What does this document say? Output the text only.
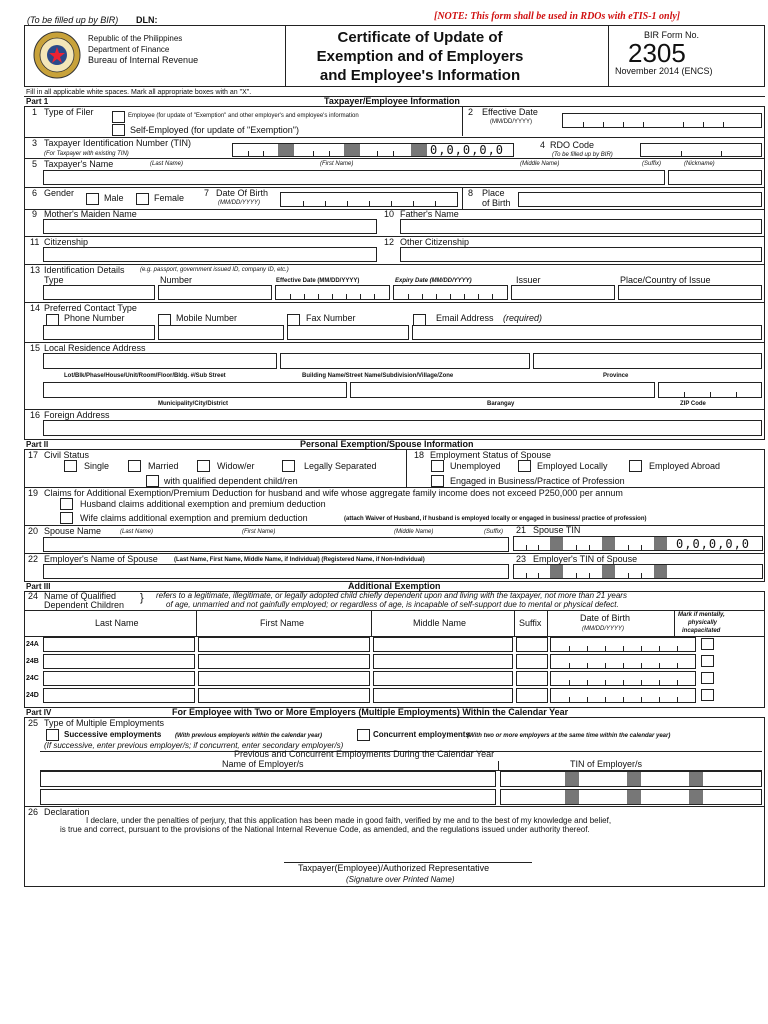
(To be filled up by BIR) DLN:	[NOTE: This form shall be used in RDOs with eTIS-1 only]
Republic of the Philippines
Department of Finance
Bureau of Internal Revenue
Certificate of Update of
Exemption and of Employers
and Employee's Information
BIR Form No.
2305
November 2014 (ENCS)
Fill in all applicable white spaces. Mark all appropriate boxes with an "X".
Part 1	Taxpayer/Employee Information
1 Type of Filer	Employee (for update of "Exemption" and other employer's and employee's information
Self-Employed (for update of "Exemption")
2 Effective Date
(MM/DD/YYYY)
3 Taxpayer Identification Number (TIN)
(For Taxpayer with existing TIN)	0,0,0,0,0	4 RDO Code
(To be filled up by BIR)
5 Taxpayer's Name	(Last Name)	(First Name)	(Middle Name)	(Suffix)	(Nickname)
6 Gender	Male	Female 7 Date Of Birth
(MM/DD/YYYY)
8 Place
of Birth
9 Mother's Maiden Name	10 Father's Name
11 Citizenship	12 Other Citizenship
13 Identification Details	(e.g. passport, government issued ID, company ID, etc.)
Type	Number	Effective Date (MM/DD/YYYY)	Expiry Date (MM/DD/YYYY)	Issuer	Place/Country of Issue
14 Preferred Contact Type
Phone Number	Mobile Number	Fax Number	Email Address (required)
15 Local Residence Address
Lot/Blk/Phase/House/Unit/Room/Floor/Bldg. #/Sub Street	Building Name/Street Name/Subdivision/Village/Zone	Province
Municipality/City/District	Barangay	ZIP Code
16 Foreign Address
Part II	Personal Exemption/Spouse Information
17 Civil Status
Single	Married	Widow/er	Legally Separated
with qualified dependent child/ren
18 Employment Status of Spouse
Unemployed	Employed Locally	Employed Abroad
Engaged in Business/Practice of Profession
19 Claims for Additional Exemption/Premium Deduction for husband and wife whose aggregate family income does not exceed P250,000 per annum
Husband claims additional exemption and premium deduction
Wife claims additional exemption and premium deduction	(attach Waiver of Husband, if husband is employed locally or engaged in business/ practice of profession)
20 Spouse Name	(Last Name)	(First Name)	(Middle Name)	(Suffix) 21 Spouse TIN
0,0,0,0,0
22 Employer's Name of Spouse	(Last Name, First Name, Middle Name, if Individual) (Registered Name, if Non-Individual)	23 Employer's TIN of Spouse
Part III	Additional Exemption
24 Name of Qualified
Dependent Children
} refers to a legitimate, illegitimate, or legally adopted child chiefly dependent upon and living with the taxpayer, not more than 21 years
of age, unmarried and not gainfully employed; or regardless of age, is incapable of self-support due to mental or physical defect.
Last Name	First Name	Middle Name	Suffix	Date of Birth
(MM/DD/YYYY)
Mark if mentally,
physically
incapacitated
24A
24B
24C
24D
Part IV	For Employee with Two or More Employers (Multiple Employments) Within the Calendar Year
25 Type of Multiple Employments
Successive employments (With previous employer/s within the calendar year)	Concurrent employments
(With two or more employers at the same time within the calendar year)
(If successive, enter previous employer/s; if concurrent, enter secondary employer/s)
Previous and Concurrent Employments During the Calendar Year
Name of Employer/s	TIN of Employer/s
26 Declaration
I declare, under the penalties of perjury, that this application has been made in good faith, verified by me and to the best of my knowledge and belief,
is true and correct, pursuant to the provisions of the National Internal Revenue Code, as amended, and the regulations issued under authority thereof.
Taxpayer(Employee)/Authorized Representative
(Signature over Printed Name)
